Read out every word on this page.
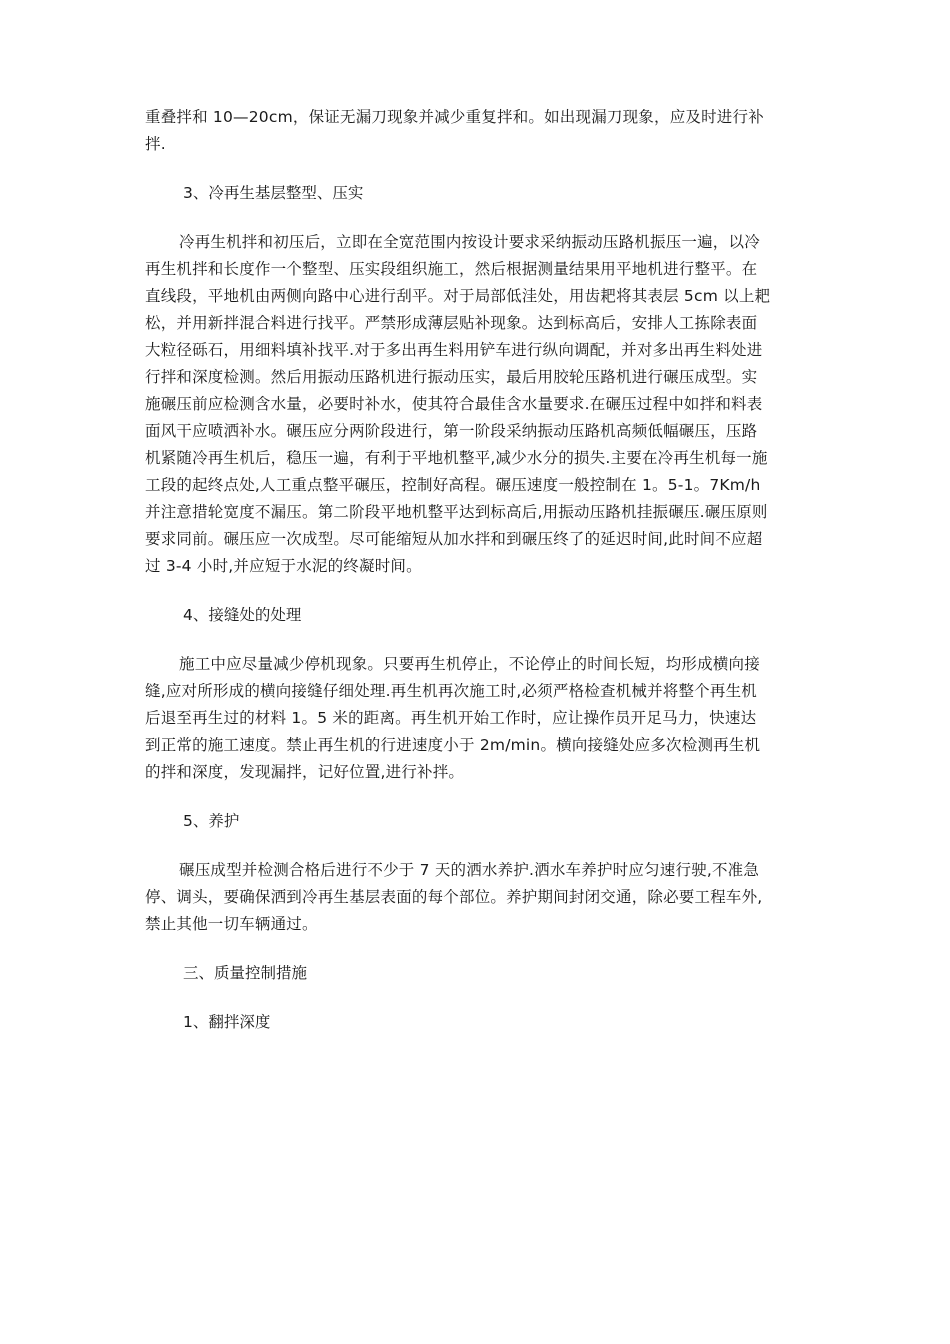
重叠拌和 10—20cm，保证无漏刀现象并减少重复拌和。如出现漏刀现象，应及时进行补
拌.
3、冷再生基层整型、压实
冷再生机拌和初压后，立即在全宽范围内按设计要求采纳振动压路机振压一遍，以冷
再生机拌和长度作一个整型、压实段组织施工，然后根据测量结果用平地机进行整平。在
直线段，平地机由两侧向路中心进行刮平。对于局部低洼处，用齿耙将其表层 5cm 以上耙
松，并用新拌混合料进行找平。严禁形成薄层贴补现象。达到标高后，安排人工拣除表面
大粒径砾石，用细料填补找平.对于多出再生料用铲车进行纵向调配，并对多出再生料处进
行拌和深度检测。然后用振动压路机进行振动压实，最后用胶轮压路机进行碾压成型。实
施碾压前应检测含水量，必要时补水，使其符合最佳含水量要求.在碾压过程中如拌和料表
面风干应喷洒补水。碾压应分两阶段进行，第一阶段采纳振动压路机高频低幅碾压，压路
机紧随冷再生机后，稳压一遍，有利于平地机整平,减少水分的损失.主要在冷再生机每一施
工段的起终点处,人工重点整平碾压，控制好高程。碾压速度一般控制在 1。5-1。7Km/h
并注意措轮宽度不漏压。第二阶段平地机整平达到标高后,用振动压路机挂振碾压.碾压原则
要求同前。碾压应一次成型。尽可能缩短从加水拌和到碾压终了的延迟时间,此时间不应超
过 3-4 小时,并应短于水泥的终凝时间。
4、接缝处的处理
施工中应尽量减少停机现象。只要再生机停止，不论停止的时间长短，均形成横向接
缝,应对所形成的横向接缝仔细处理.再生机再次施工时,必须严格检查机械并将整个再生机
后退至再生过的材料 1。5 米的距离。再生机开始工作时，应让操作员开足马力，快速达
到正常的施工速度。禁止再生机的行进速度小于 2m/min。横向接缝处应多次检测再生机
的拌和深度，发现漏拌，记好位置,进行补拌。
5、养护
碾压成型并检测合格后进行不少于 7 天的洒水养护.洒水车养护时应匀速行驶,不准急
停、调头，要确保洒到冷再生基层表面的每个部位。养护期间封闭交通，除必要工程车外,
禁止其他一切车辆通过。
三、质量控制措施
1、翻拌深度
